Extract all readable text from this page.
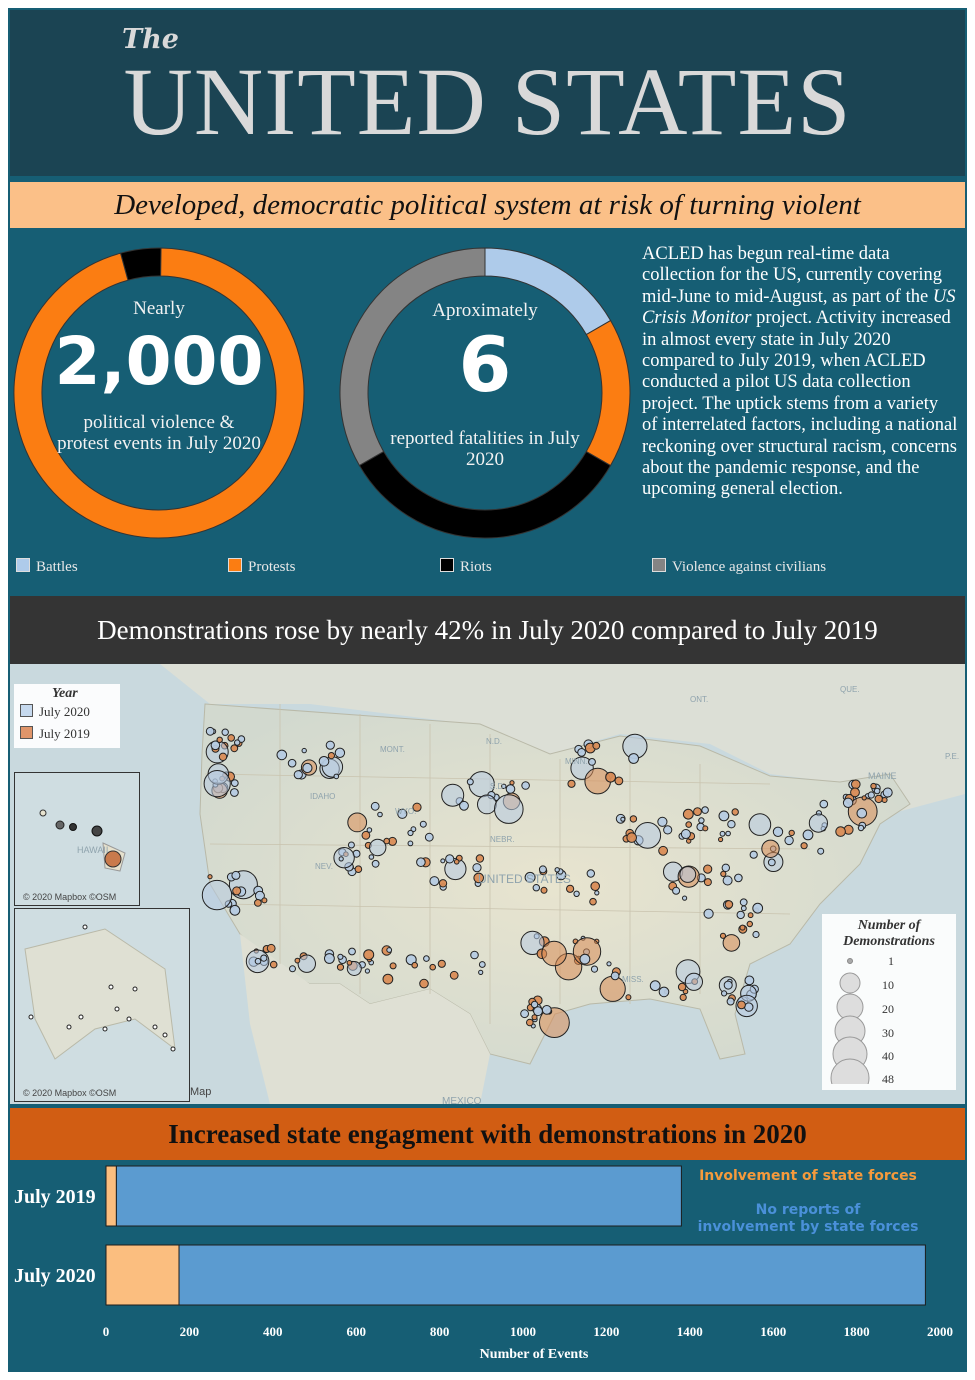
The
UNITED STATES
Developed, democratic political system at risk of turning violent
Nearly
2,000
political violence & protest events in July 2020
Aproximately
6
reported fatalities in July 2020
ACLED has begun real-time data collection for the US, currently covering mid-June to mid-August, as part of the US Crisis Monitor project. Activity increased in almost every state in July 2020 compared to July 2019, when ACLED conducted a pilot US data collection project. The uptick stems from a variety of interrelated factors, including a national reckoning over structural racism, concerns about the pandemic response, and the upcoming general election.
Battles	Protests	Riots	Violence against civilians
Demonstrations rose by nearly 42% in July 2020 compared to July 2019
UNITED STATES
MAINE
MEXICO
N.D.
S.D.
NEBR.
MONT.
IDAHO
WYO.
NEV.
MISS.
ONT.
QUE.
MINN.
P.E.
Year
July 2020
July 2019
HAWAII
© 2020 Mapbox ©OSM
© 2020 Mapbox ©OSM	Map
Number of Demonstrations
1
10
20
30
40
48
Increased state engagment with demonstrations in 2020
July 2019
July 2020
0	200	400	600	800	1000	1200	1400	1600	1800	2000
Number of Events
Involvement of state forces
No reports of
involvement by state forces
